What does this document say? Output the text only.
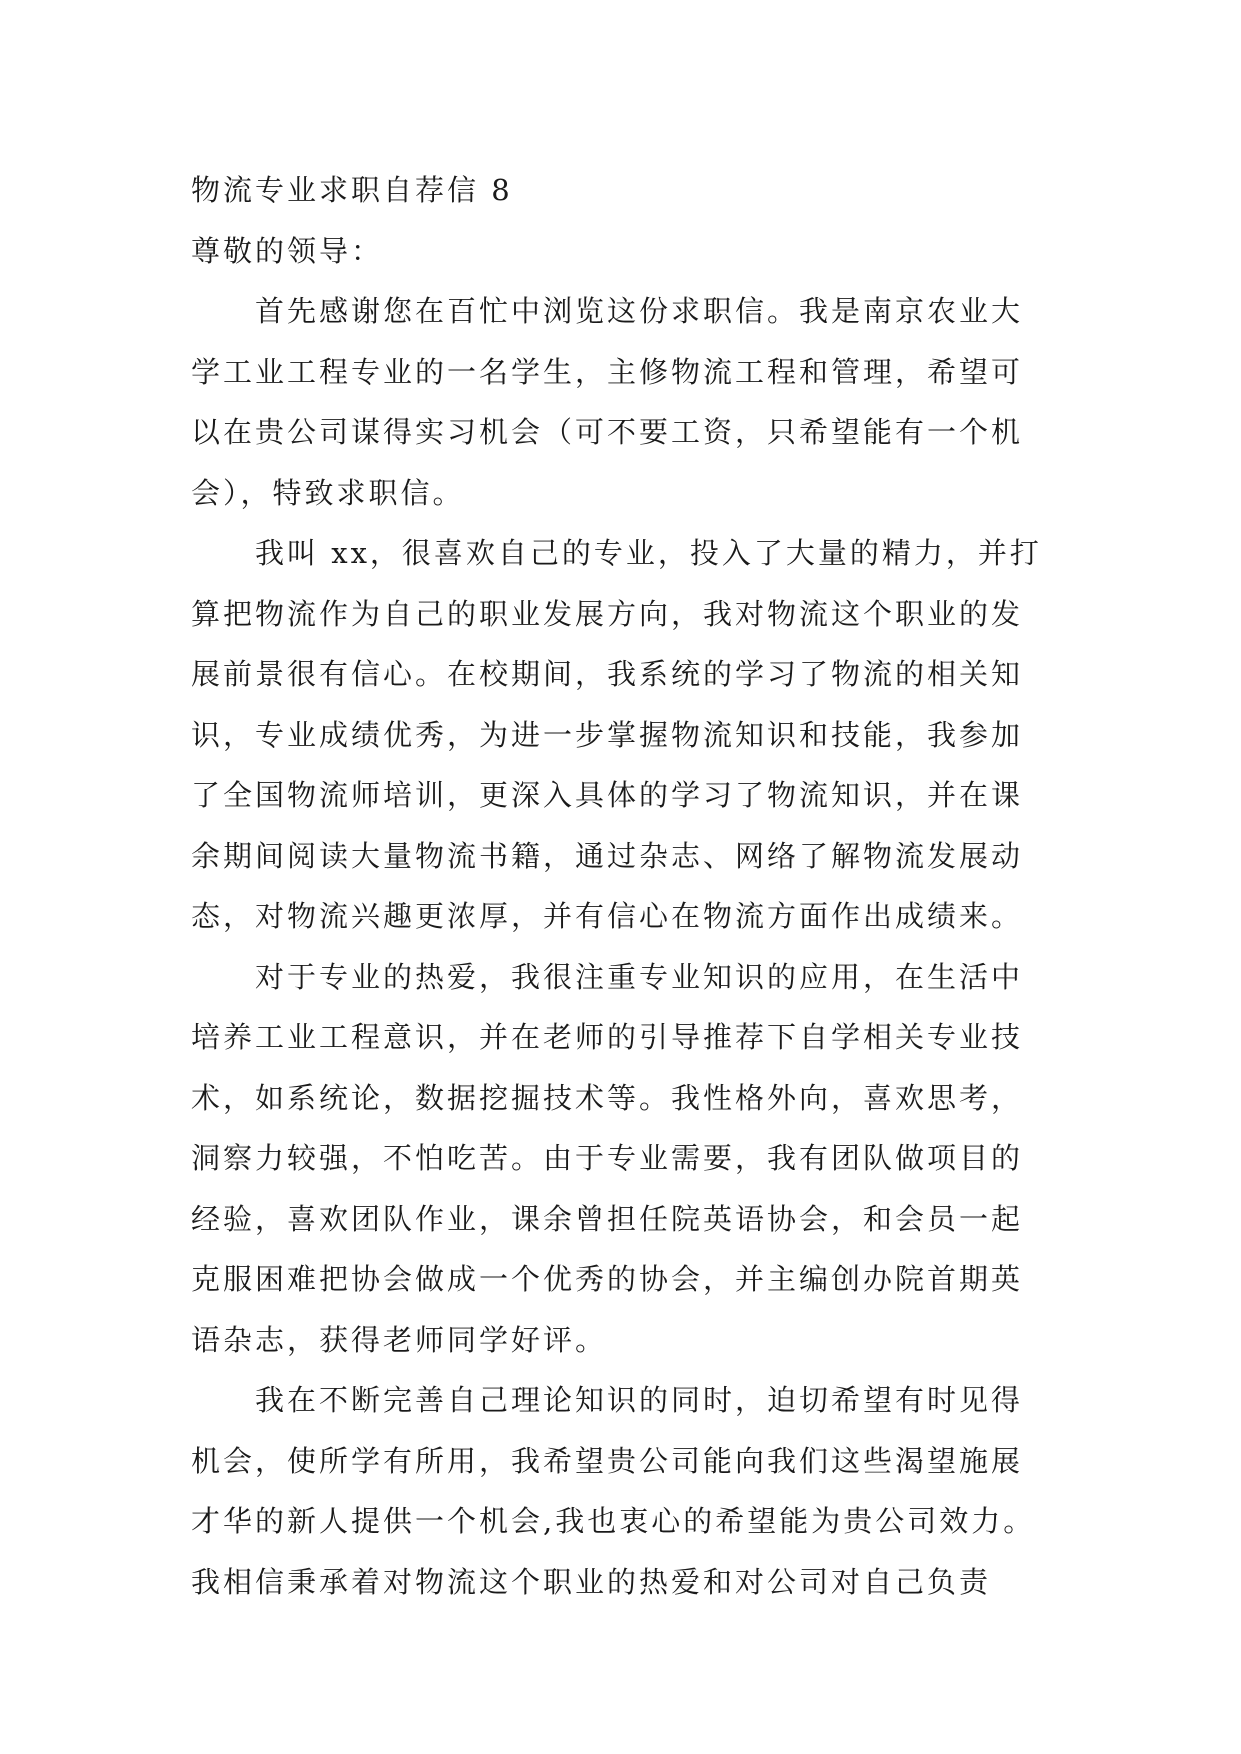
物流专业求职自荐信 8
尊敬的领导：
首先感谢您在百忙中浏览这份求职信。我是南京农业大
学工业工程专业的一名学生，主修物流工程和管理，希望可
以在贵公司谋得实习机会（可不要工资，只希望能有一个机
会），特致求职信。
我叫 xx，很喜欢自己的专业，投入了大量的精力，并打
算把物流作为自己的职业发展方向，我对物流这个职业的发
展前景很有信心。在校期间，我系统的学习了物流的相关知
识，专业成绩优秀，为进一步掌握物流知识和技能，我参加
了全国物流师培训，更深入具体的学习了物流知识，并在课
余期间阅读大量物流书籍，通过杂志、网络了解物流发展动
态，对物流兴趣更浓厚，并有信心在物流方面作出成绩来。
对于专业的热爱，我很注重专业知识的应用，在生活中
培养工业工程意识，并在老师的引导推荐下自学相关专业技
术，如系统论，数据挖掘技术等。我性格外向，喜欢思考，
洞察力较强，不怕吃苦。由于专业需要，我有团队做项目的
经验，喜欢团队作业，课余曾担任院英语协会，和会员一起
克服困难把协会做成一个优秀的协会，并主编创办院首期英
语杂志，获得老师同学好评。
我在不断完善自己理论知识的同时，迫切希望有时见得
机会，使所学有所用，我希望贵公司能向我们这些渴望施展
才华的新人提供一个机会,我也衷心的希望能为贵公司效力。
我相信秉承着对物流这个职业的热爱和对公司对自己负责
